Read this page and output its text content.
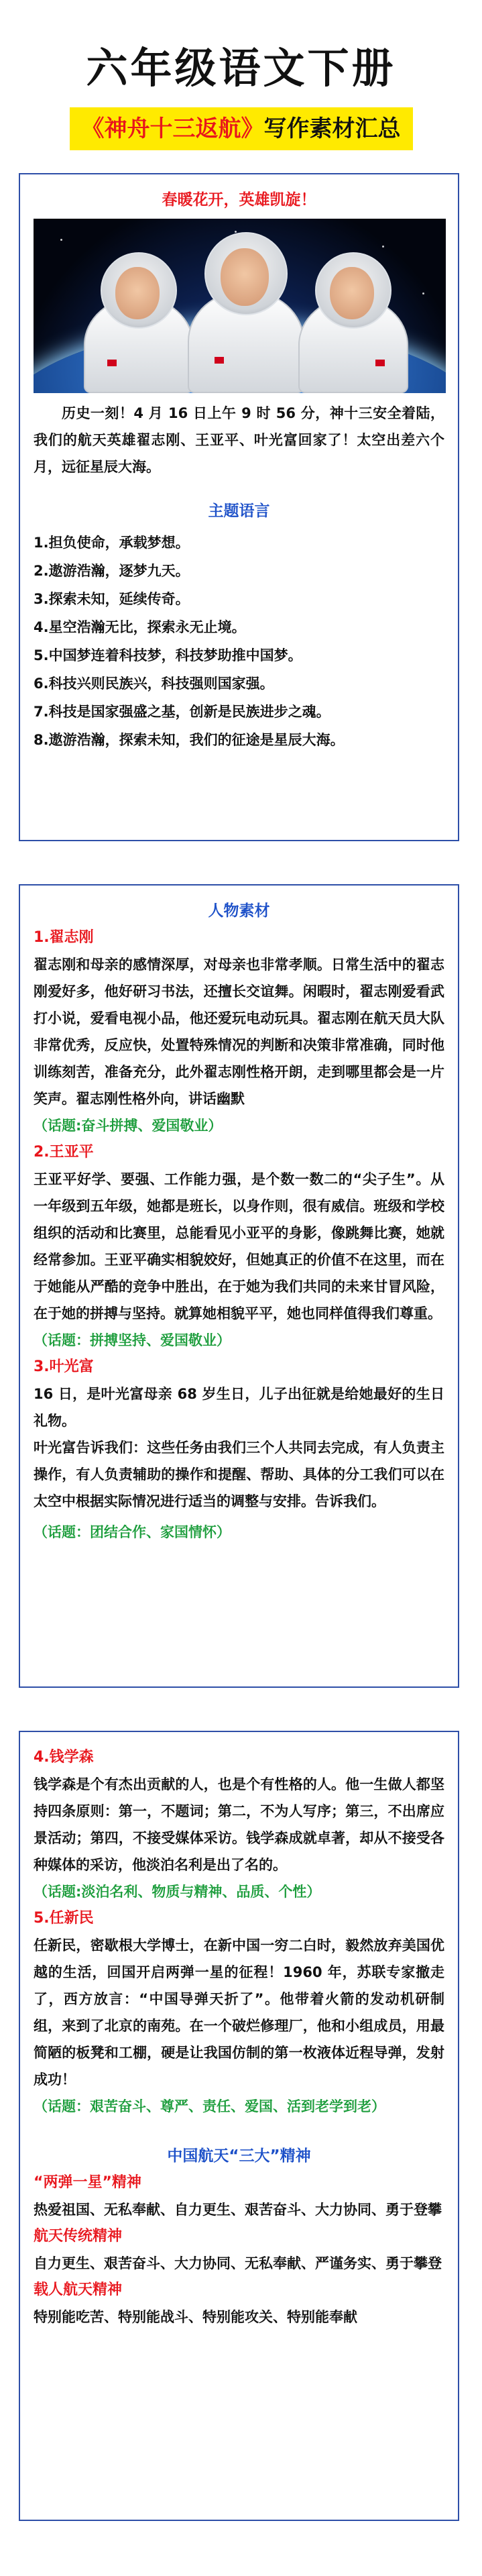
六年级语文下册
《神舟十三返航》写作素材汇总
春暖花开，英雄凯旋！

历史一刻！4 月 16 日上午 9 时 56 分，神十三安全着陆，我们的航天英雄翟志刚、王亚平、叶光富回家了！太空出差六个月，远征星辰大海。

主题语言
1.担负使命，承载梦想。
2.遨游浩瀚，逐梦九天。
3.探索未知，延续传奇。
4.星空浩瀚无比，探索永无止境。
5.中国梦连着科技梦，科技梦助推中国梦。
6.科技兴则民族兴，科技强则国家强。
7.科技是国家强盛之基，创新是民族进步之魂。
8.遨游浩瀚，探索未知，我们的征途是星辰大海。
人物素材
1.翟志刚

翟志刚和母亲的感情深厚，对母亲也非常孝顺。日常生活中的翟志刚爱好多，他好研习书法，还擅长交谊舞。闲暇时，翟志刚爱看武打小说，爱看电视小品，他还爱玩电动玩具。翟志刚在航天员大队非常优秀，反应快，处置特殊情况的判断和决策非常准确，同时他训练刻苦，准备充分，此外翟志刚性格开朗，走到哪里都会是一片笑声。翟志刚性格外向，讲话幽默

（话题:奋斗拼搏、爱国敬业）
2.王亚平

王亚平好学、要强、工作能力强，是个数一数二的“尖子生”。从一年级到五年级，她都是班长，以身作则，很有威信。班级和学校组织的活动和比赛里，总能看见小亚平的身影，像跳舞比赛，她就经常参加。王亚平确实相貌姣好，但她真正的价值不在这里，而在于她能从严酷的竞争中胜出，在于她为我们共同的未来甘冒风险，在于她的拼搏与坚持。就算她相貌平平，她也同样值得我们尊重。

（话题：拼搏坚持、爱国敬业）
3.叶光富

16 日，是叶光富母亲 68 岁生日，儿子出征就是给她最好的生日礼物。

叶光富告诉我们：这些任务由我们三个人共同去完成，有人负责主操作，有人负责辅助的操作和提醒、帮助、具体的分工我们可以在太空中根据实际情况进行适当的调整与安排。告诉我们。

（话题：团结合作、家国情怀）
4.钱学森

钱学森是个有杰出贡献的人，也是个有性格的人。他一生做人都坚持四条原则：第一，不题词；第二，不为人写序；第三，不出席应景活动；第四，不接受媒体采访。钱学森成就卓著，却从不接受各种媒体的采访，他淡泊名利是出了名的。

（话题:淡泊名利、物质与精神、品质、个性）
5.任新民

任新民，密歇根大学博士，在新中国一穷二白时，毅然放弃美国优越的生活，回国开启两弹一星的征程！1960 年，苏联专家撤走了，西方放言：“中国导弹天折了”。他带着火箭的发动机研制组，来到了北京的南苑。在一个破烂修理厂，他和小组成员，用最简陋的板凳和工棚，硬是让我国仿制的第一枚液体近程导弹，发射成功！

（话题：艰苦奋斗、尊严、责任、爱国、活到老学到老）
中国航天“三大”精神
“两弹一星”精神

热爱祖国、无私奉献、自力更生、艰苦奋斗、大力协同、勇于登攀

航天传统精神

自力更生、艰苦奋斗、大力协同、无私奉献、严谨务实、勇于攀登

载人航天精神

特别能吃苦、特别能战斗、特别能攻关、特别能奉献
